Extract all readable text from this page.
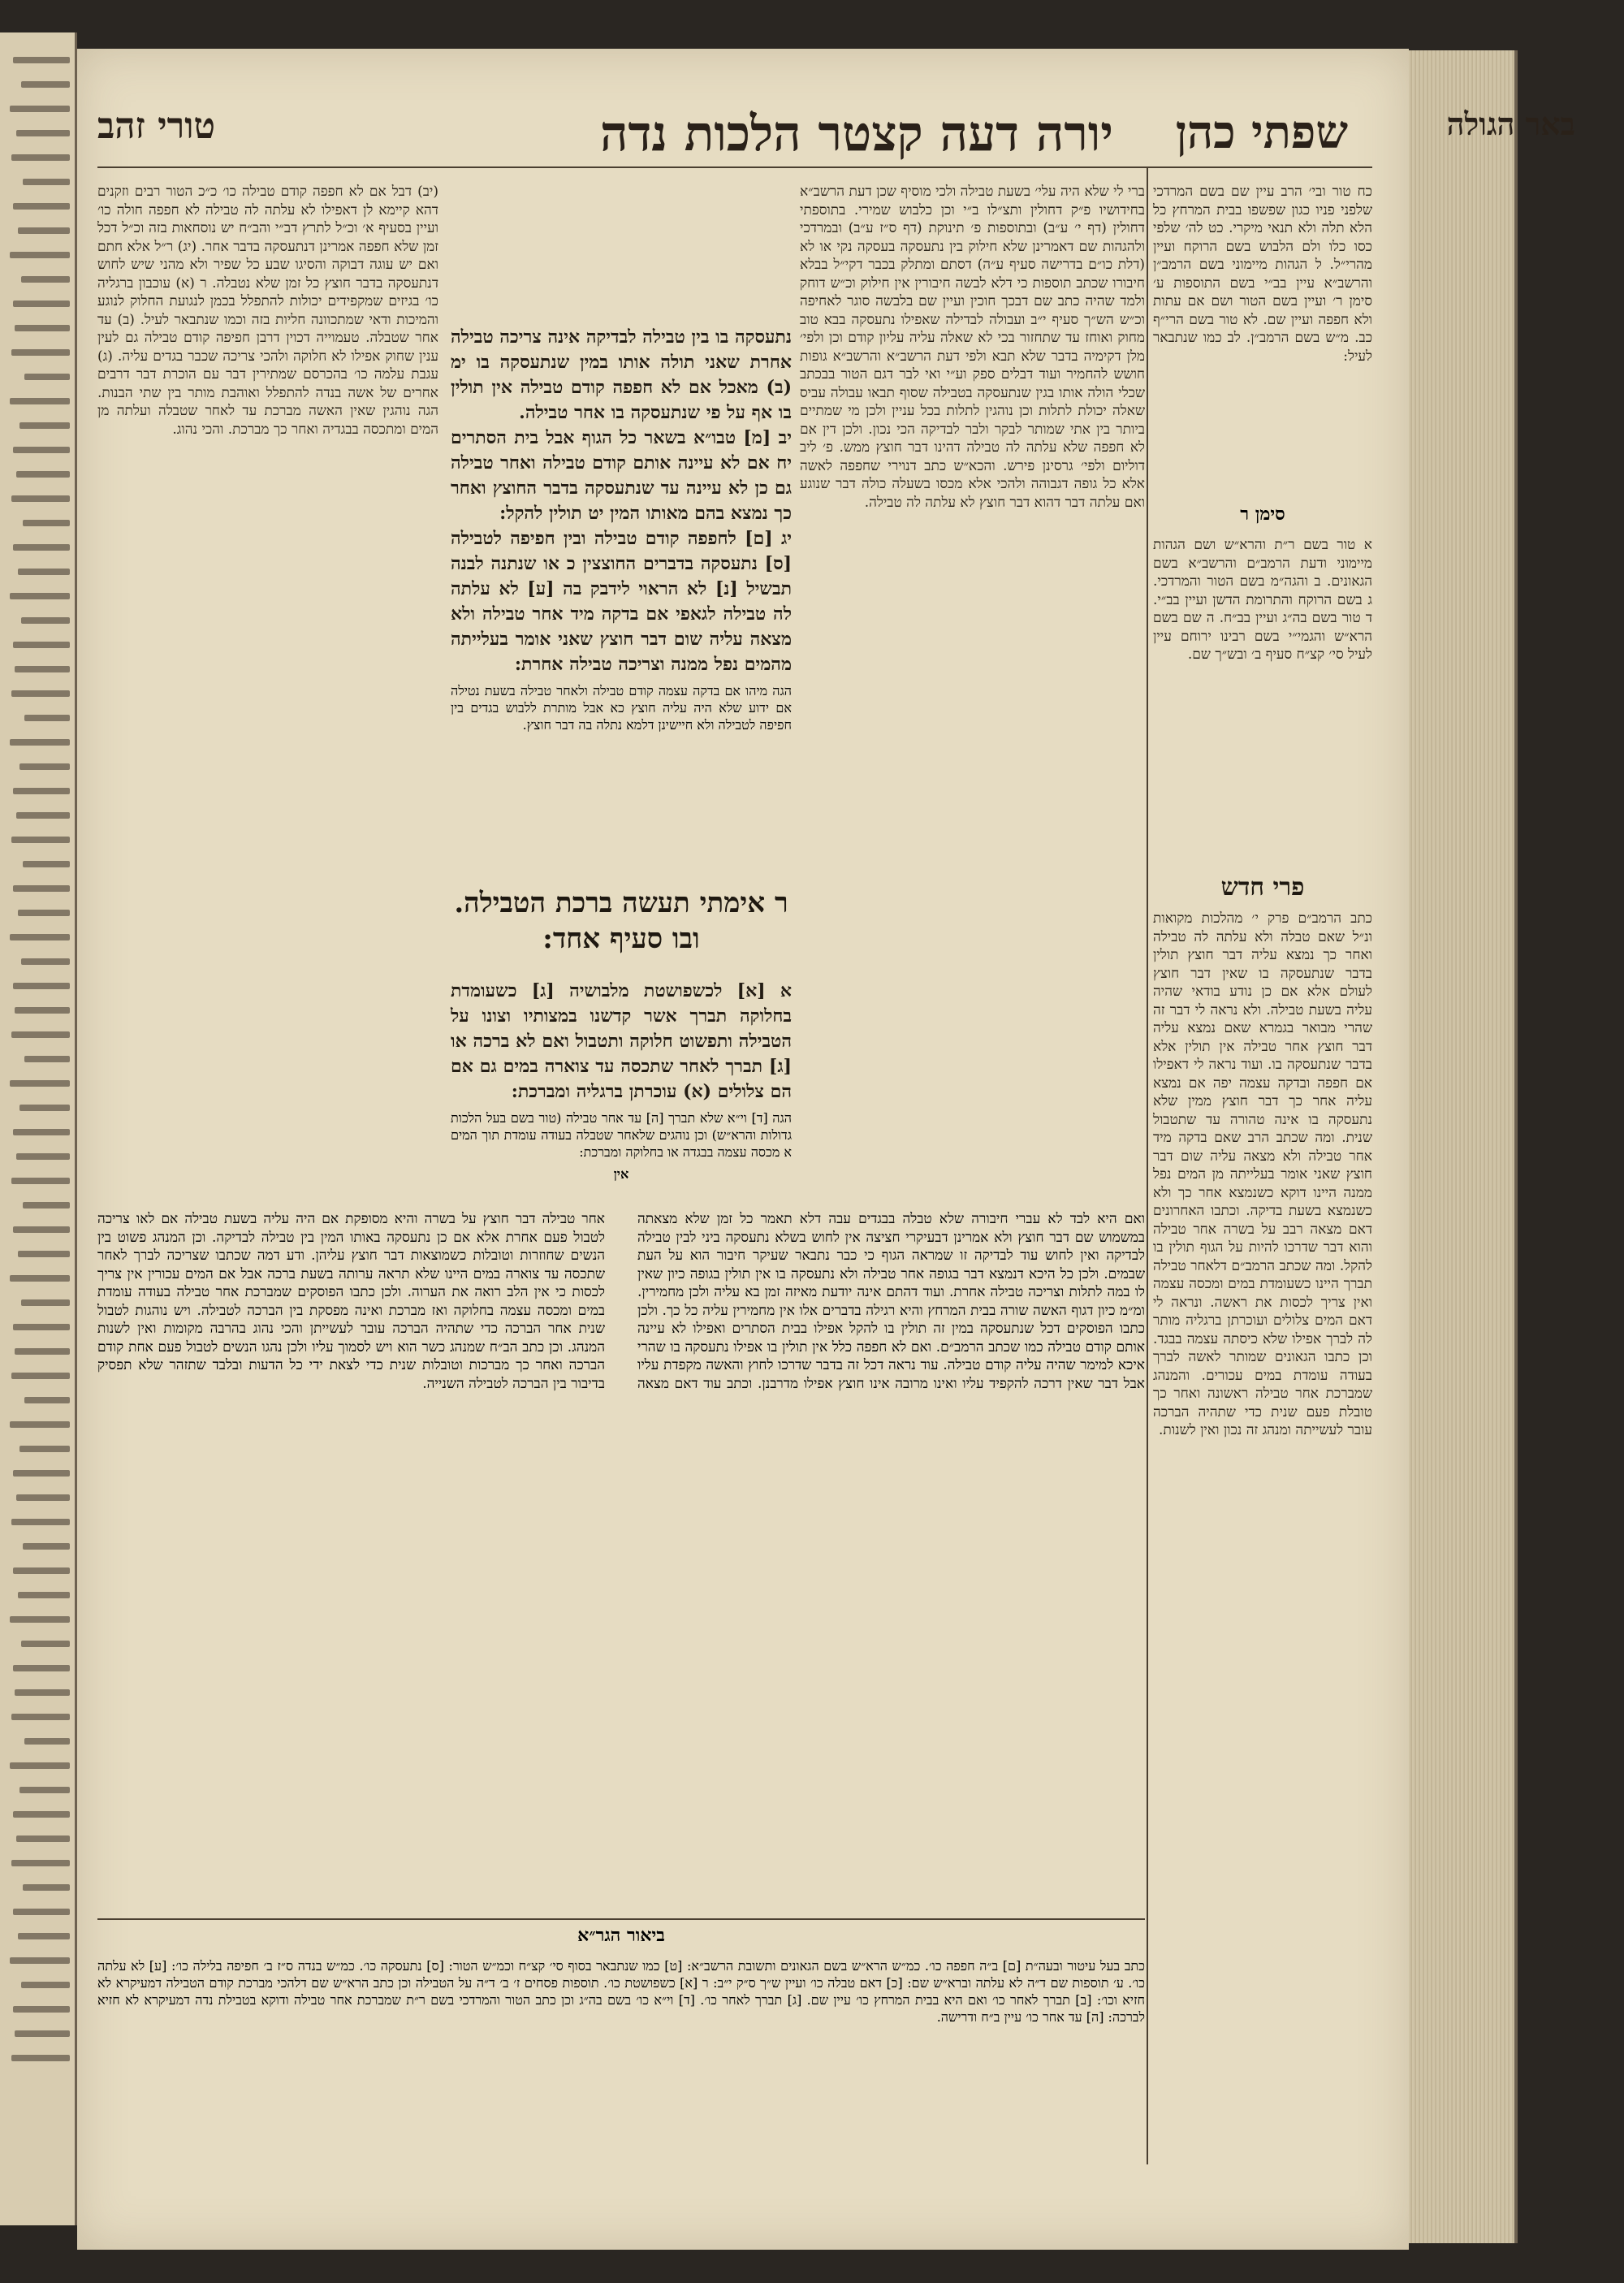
באר הגולה
שפתי כהן
יורה דעה קצטר הלכות נדה
טורי זהב
(יב) דבל אם לא חפפה קודם טבילה כו׳ כ״כ הטור רבים וזקנים דהא קיימא לן דאפילו לא עלתה לה טבילה לא חפפה חולה כו׳ ועיין בסעיף א׳ וכ״ל לתרץ דב״י והב״ח יש נוסחאות בזה וכ״ל דכל זמן שלא חפפה אמרינן דנתעסקה בדבר אחר. (יג) ר״ל אלא חתם ואם יש עוגה דבוקה והסיגו שבע כל שפיר ולא מהני שיש לחוש דנתעסקה בדבר חוצץ כל זמן שלא נטבלה. ר (א) עוכבון ברגליה כו׳ בגיזים שמקפידים יכולות להתפלל בכמן לנגועת החלוק לנוגע והמיכות ודאי שמתכוונה חליות בזה וכמו שנתבאר לעיל. (ב) עד אחר שטבלה. טעמוייה דכוין דרבן חפיפה קודם טבילה גם לעין ענין שחוק אפילו לא חלוקה ולהכי צריכה שכבר בגדים עליה. (ג) עגבת עלמה כו׳ בהכרסם שמתירין דבר עם הוכרת דבר דרבים אחרים של אשה בנדה להתפלל ואוהבת מותר בין שתי הבנות. הגה נוהגין שאין האשה מברכת עד לאחר שטבלה ועלתה מן המים ומתכסה בבגדיה ואחר כך מברכת. והכי נהוג.
ברי לי שלא היה עלי׳ בשעת טבילה ולכי מוסיף שכן דעת הרשב״א בחידושיו פ״ק דחולין ותצ״לו ב״י וכן כלבוש שמירי. בתוספתי דחולין (דף י׳ ע״ב) ובתוספות פ׳ תינוקת (דף ס״ז ע״ב) ובמרדכי ולהגהות שם דאמרינן שלא חילוק בין נתעסקה בעסקה נקי או לא (דלת כו״ם בדרישה סעיף ע״ה) דסתם ומתלק בכבר דקי״ל בבלא חיבורו שכתב תוספות כי דלא לבשה חיבורין אין חילוק וכ״ש דוחק ולמד שהיה כתב שם דבכך חוכין ועיין שם בלבשה סוגר לאחיפה וכ״ש הש״ך סעיף י״ב ועבולה לבדילה שאפילו נתעסקה בבא טוב מחוק ואוחז עד שתחזור בכי לא שאלה עליה עליון קודם וכן ולפי׳ מלן דקימיה בדבר שלא תבא ולפי דעת הרשב״א והרשב״א גופות חושש להחמיר ועוד דבלים ספק וע״י ואי לבר דגם הטור בבכתב שכלי הולה אותו בגין שנתעסקה בטבילה שסוף תבאו עבולה עביס שאלה יכולת לתלות וכן נוהגין לתלות בכל עניין ולכן מי שמתיים ביותר בין אתי שמותר לבקר ולבר לבדיקה הכי נכון. ולכן דין אם לא חפפה שלא עלתה לה טבילה דהינו דבר חוצץ ממש. פ׳ ליב דוליום ולפי׳ גרסינן פירש. והכא״ש כתב דנוירי שחפפה לאשה אלא כל גופה דגבוהה ולהכי אלא מכסו בשעלה כולה דבר שנוגע ואם עלתה דבר דהוא דבר חוצץ לא עלתה לה טבילה.
נתעסקה בו בין טבילה לבדיקה אינה צריכה טבילה אחרת שאני תולה אותו במין שנתעסקה בו ימ (ב) מאכל אם לא חפפה קודם טבילה אין תולין בו אף על פי שנתעסקה בו אחר טבילה.
יב [מ] טבו״א בשאר כל הגוף אבל בית הסתרים יח אם לא עיינה אותם קודם טבילה ואחר טבילה גם כן לא עיינה עד שנתעסקה בדבר החוצץ ואחר כך נמצא בהם מאותו המין יט תולין להקל:
יג [ם] לחפפה קודם טבילה ובין חפיפה לטבילה [ס] נתעסקה בדברים החוצצין כ או שנתנה לבנה תבשיל [נ] לא הראוי לידבק בה [ע] לא עלתה לה טבילה לגאפי אם בדקה מיד אחר טבילה ולא מצאה עליה שום דבר חוצץ שאני אומר בעלייתה מהמים נפל ממנה וצריכה טבילה אחרת:
הגה מיהו אם בדקה עצמה קודם טבילה ולאחר טבילה בשעת נטילה אם ידוע שלא היה עליה חוצץ כא אבל מותרת ללבוש בגדים בין חפיפה לטבילה ולא חיישינן דלמא נתלה בה דבר חוצץ.
ר אימתי תעשה ברכת הטבילה. ובו סעיף אחד:
א [א] לכשפושטת מלבושיה [ג] כשעומדת בחלוקה תברך אשר קדשנו במצותיו וצונו על הטבילה ותפשוט חלוקה ותטבול ואם לא ברכה או [ג] תברך לאחר שתכסה עד צוארה במים גם אם הם צלולים (א) עוכרתן ברגליה ומברכת:
הגה [ד] וי״א שלא תברך [ה] עד אחר טבילה (טור בשם בעל הלכות גדולות והרא״ש) וכן נוהגים שלאחר שטבלה בעודה עומדת תוך המים א מכסה עצמה בבגדה או בחלוקה ומברכת:
אין
ואם היא לבד לא עברי חיבורה שלא טבלה בבגדים עבה דלא תאמר כל זמן שלא מצאתה במשמוש שם דבר חוצץ ולא אמרינן דבעיקרי חציצה אין לחוש בשלא נתעסקה ביני לבין טבילה לבדיקה ואין לחוש עוד לבדיקה זו שמראה הגוף כי כבר נתבאר שעיקר חיבור הוא על העת שבמים. ולכן כל היכא דנמצא דבר בגופה אחר טבילה ולא נתעסקה בו אין תולין בגופה כיון שאין לו במה לתלות וצריכה טבילה אחרת. ועוד דהתם אינה יודעת מאיזה זמן בא עליה ולכן מחמירין. ומ״מ כיון דגוף האשה שורה בבית המרחץ והיא רגילה בדברים אלו אין מחמירין עליה כל כך. ולכן כתבו הפוסקים דכל שנתעסקה במין זה תולין בו להקל אפילו בבית הסתרים ואפילו לא עיינה אותם קודם טבילה כמו שכתב הרמב״ם. ואם לא חפפה כלל אין תולין בו אפילו נתעסקה בו שהרי איכא למימר שהיה עליה קודם טבילה. עוד נראה דכל זה בדבר שדרכו לחוץ והאשה מקפדת עליו אבל דבר שאין דרכה להקפיד עליו ואינו מרובה אינו חוצץ אפילו מדרבנן. וכתב עוד דאם מצאה אחר טבילה דבר חוצץ על בשרה והיא מסופקת אם היה עליה בשעת טבילה אם לאו צריכה לטבול פעם אחרת אלא אם כן נתעסקה באותו המין בין טבילה לבדיקה. וכן המנהג פשוט בין הנשים שחוזרות וטובלות כשמוצאות דבר חוצץ עליהן. ודע דמה שכתבו שצריכה לברך לאחר שתכסה עד צוארה במים היינו שלא תראה ערותה בשעת ברכה אבל אם המים עכורין אין צריך לכסות כי אין הלב רואה את הערוה. ולכן כתבו הפוסקים שמברכת אחר טבילה בעודה עומדת במים ומכסה עצמה בחלוקה ואז מברכת ואינה מפסקת בין הברכה לטבילה. ויש נוהגות לטבול שנית אחר הברכה כדי שתהיה הברכה עובר לעשייתן והכי נהוג בהרבה מקומות ואין לשנות המנהג. וכן כתב הב״ח שמנהג כשר הוא ויש לסמוך עליו ולכן נהגו הנשים לטבול פעם אחת קודם הברכה ואחר כך מברכות וטובלות שנית כדי לצאת ידי כל הדעות ובלבד שתזהר שלא תפסיק בדיבור בין הברכה לטבילה השנייה.
כח טור ובי׳ הרב עיין שם בשם המרדכי שלפני פניו כגון שפשפו בבית המרחץ כל הלא תלה ולא תנאי מיקרי. כט לה׳ שלפי כסו כלו ולם הלבוש בשם הרוקח ועיין מהרי״ל. ל הגהות מיימוני בשם הרמב״ן והרשב״א עיין בב״י בשם התוספות ע׳ סימן ר׳ ועיין בשם הטור ושם אם עתות ולא חפפה ועיין שם. לא טור בשם הרי״ף כב. מ״ש בשם הרמב״ן. לב כמו שנתבאר לעיל:
סימן ר
א טור בשם ר״ת והרא״ש ושם הגהות מיימוני ודעת הרמב״ם והרשב״א בשם הגאונים. ב והגה״מ בשם הטור והמרדכי. ג בשם הרוקח והתרומת הדשן ועיין בב״י. ד טור בשם בה״ג ועיין בב״ח. ה שם בשם הרא״ש והגמי״י בשם רבינו ירוחם עיין לעיל סי׳ קצ״ח סעיף ב׳ ובש״ך שם.
פרי חדש
כתב הרמב״ם פרק י׳ מהלכות מקואות ונ״ל שאם טבלה ולא עלתה לה טבילה ואחר כך נמצא עליה דבר חוצץ תולין בדבר שנתעסקה בו שאין דבר חוצץ לעולם אלא אם כן נודע בודאי שהיה עליה בשעת טבילה. ולא נראה לי דבר זה שהרי מבואר בגמרא שאם נמצא עליה דבר חוצץ אחר טבילה אין תולין אלא בדבר שנתעסקה בו. ועוד נראה לי דאפילו אם חפפה ובדקה עצמה יפה אם נמצא עליה אחר כך דבר חוצץ ממין שלא נתעסקה בו אינה טהורה עד שתטבול שנית. ומה שכתב הרב שאם בדקה מיד אחר טבילה ולא מצאה עליה שום דבר חוצץ שאני אומר בעלייתה מן המים נפל ממנה היינו דוקא כשנמצא אחר כך ולא כשנמצא בשעת בדיקה. וכתבו האחרונים דאם מצאה רבב על בשרה אחר טבילה והוא דבר שדרכו להיות על הגוף תולין בו להקל. ומה שכתב הרמב״ם דלאחר טבילה תברך היינו כשעומדת במים ומכסה עצמה ואין צריך לכסות את ראשה. ונראה לי דאם המים צלולים ועוכרתן ברגליה מותר לה לברך אפילו שלא כיסתה עצמה בבגד. וכן כתבו הגאונים שמותר לאשה לברך בעודה עומדת במים עכורים. והמנהג שמברכת אחר טבילה ראשונה ואחר כך טובלת פעם שנית כדי שתהיה הברכה עובר לעשייתה ומנהג זה נכון ואין לשנות.
ביאור הגר״א
כתב בעל עיטור ובעה״ת [ם] ב״ה חפפה כו׳. כמ״ש הרא״ש בשם הגאונים ותשובת הרשב״א: [ט] כמו שנתבאר בסוף סי׳ קצ״ח וכמ״ש הטור: [ס] נתעסקה כו׳. כמ״ש בנדה ס״ז ב׳ חפיפה בלילה כו׳: [ע] לא עלתה כו׳. ע׳ תוספות שם ד״ה לא עלתה וברא״ש שם: [כ] דאם טבלה כו׳ ועיין ש״ך ס״ק י״ב: ר [א] כשפושטת כו׳. תוספות פסחים ז׳ ב׳ ד״ה על הטבילה וכן כתב הרא״ש שם דלהכי מברכת קודם הטבילה דמעיקרא לא חזיא וכו׳: [ב] תברך לאחר כו׳ ואם היא בבית המרחץ כו׳ עיין שם. [ג] תברך לאחר כו׳. [ד] וי״א כו׳ בשם בה״ג וכן כתב הטור והמרדכי בשם ר״ת שמברכת אחר טבילה ודוקא בטבילת נדה דמעיקרא לא חזיא לברכה: [ה] עד אחר כו׳ עיין ב״ח ודרישה.
